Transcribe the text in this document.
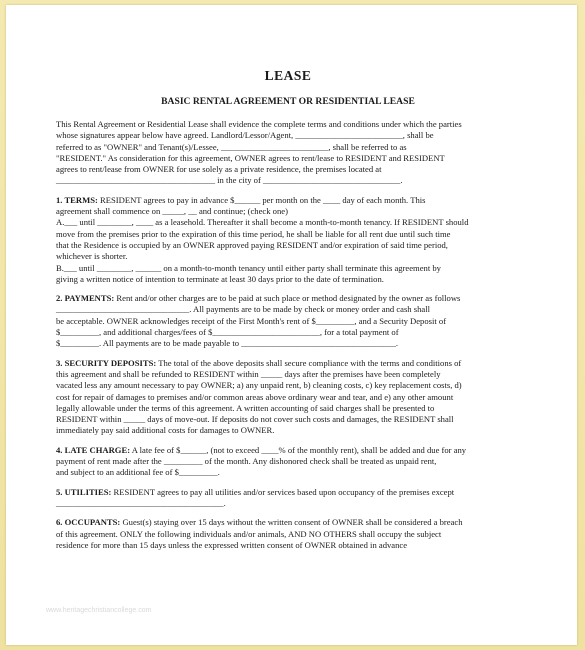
www.heritagechristiancollege.com
LEASE
BASIC RENTAL AGREEMENT OR RESIDENTIAL LEASE

This Rental Agreement or Residential Lease shall evidence the complete terms and conditions under which the parties
whose signatures appear below have agreed. Landlord/Lessor/Agent, _________________________, shall be
referred to as "OWNER" and Tenant(s)/Lessee, _________________________, shall be referred to as
"RESIDENT." As consideration for this agreement, OWNER agrees to rent/lease to RESIDENT and RESIDENT
agrees to rent/lease from OWNER for use solely as a private residence, the premises located at
_____________________________________ in the city of ________________________________.

1. TERMS: RESIDENT agrees to pay in advance $______ per month on the ____ day of each month. This
agreement shall commence on _____, __ and continue; (check one)
A.___ until ________, ____ as a leasehold. Thereafter it shall become a month-to-month tenancy. If RESIDENT should
move from the premises prior to the expiration of this time period, he shall be liable for all rent due until such time
that the Residence is occupied by an OWNER approved paying RESIDENT and/or expiration of said time period,
whichever is shorter.
B.___ until ________, ______ on a month-to-month tenancy until either party shall terminate this agreement by
giving a written notice of intention to terminate at least 30 days prior to the date of termination.

2. PAYMENTS: Rent and/or other charges are to be paid at such place or method designated by the owner as follows
_______________________________. All payments are to be made by check or money order and cash shall
be acceptable. OWNER acknowledges receipt of the First Month's rent of $_________, and a Security Deposit of
$_________, and additional charges/fees of $_________________________, for a total payment of
$_________. All payments are to be made payable to ____________________________________.

3. SECURITY DEPOSITS: The total of the above deposits shall secure compliance with the terms and conditions of
this agreement and shall be refunded to RESIDENT within _____ days after the premises have been completely
vacated less any amount necessary to pay OWNER; a) any unpaid rent, b) cleaning costs, c) key replacement costs, d)
cost for repair of damages to premises and/or common areas above ordinary wear and tear, and e) any other amount
legally allowable under the terms of this agreement. A written accounting of said charges shall be presented to
RESIDENT within _____ days of move-out. If deposits do not cover such costs and damages, the RESIDENT shall
immediately pay said additional costs for damages to OWNER.

4. LATE CHARGE: A late fee of $______, (not to exceed ____% of the monthly rent), shall be added and due for any
payment of rent made after the _________ of the month. Any dishonored check shall be treated as unpaid rent,
and subject to an additional fee of $_________.

5. UTILITIES: RESIDENT agrees to pay all utilities and/or services based upon occupancy of the premises except
_______________________________________.

6. OCCUPANTS: Guest(s) staying over 15 days without the written consent of OWNER shall be considered a breach
of this agreement. ONLY the following individuals and/or animals, AND NO OTHERS shall occupy the subject
residence for more than 15 days unless the expressed written consent of OWNER obtained in advance
